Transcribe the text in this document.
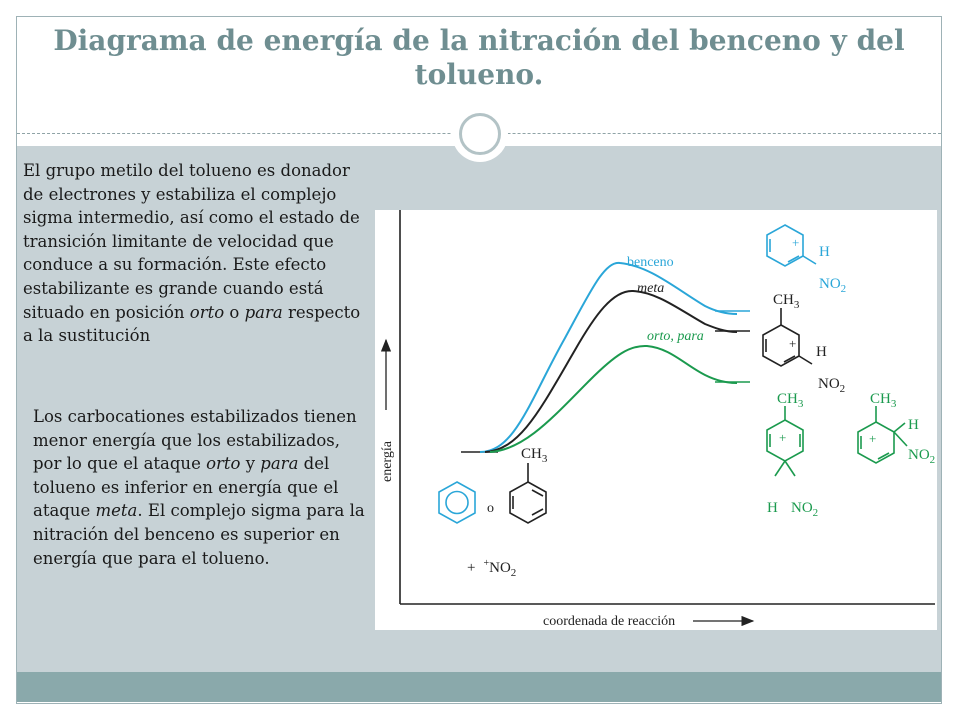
Diagrama de energía de la nitración del benceno y del tolueno.
El grupo metilo del tolueno es donador de electrones y estabiliza el complejo sigma intermedio, así como el estado de transición limitante de velocidad que conduce a su formación. Este efecto estabilizante es grande cuando está situado en posición orto o para respecto a la sustitución
Los carbocationes estabilizados tienen menor energía que los estabilizados, por lo que el ataque orto y para del tolueno es inferior en energía que el ataque meta. El complejo sigma para la nitración del benceno es superior en energía que para el tolueno.
energía
coordenada de reacción
benceno
meta
orto, para
o
$CH_3$
+ $^+NO_2$
+
H
$NO_2$
$CH_3$
+
H
$NO_2$
$CH_3$
+
H $NO_2$
$CH_3$
+
H
$NO_2$
